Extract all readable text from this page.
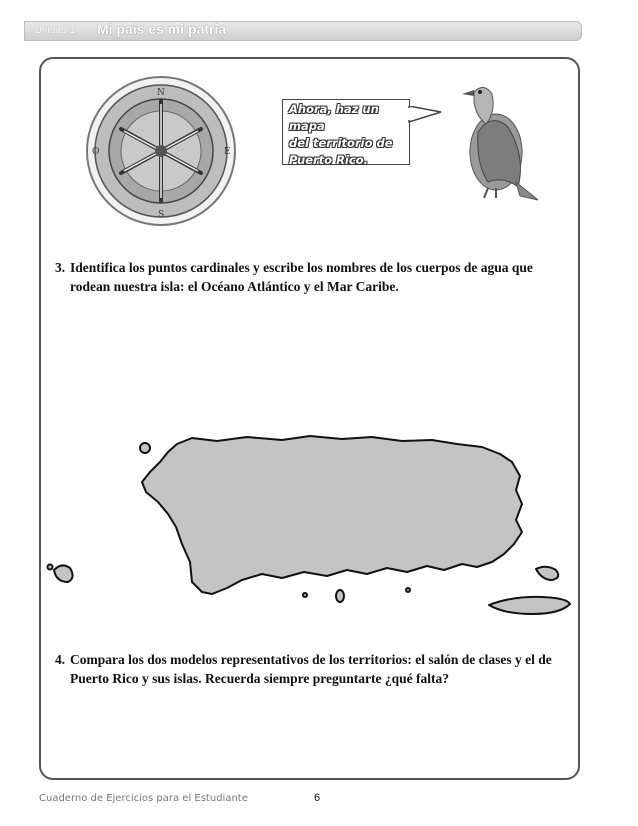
Unidad 1 Mi país es mi patria
N
E
S
O
Ahora, haz un mapa
del territorio de
Puerto Rico.
3. Identifica los puntos cardinales y escribe los nombres de los cuerpos de agua que rodean nuestra isla: el Océano Atlántico y el Mar Caribe.
4. Compara los dos modelos representativos de los territorios: el salón de clases y el de Puerto Rico y sus islas. Recuerda siempre preguntarte ¿qué falta?
Cuaderno de Ejercicios para el Estudiante	6
